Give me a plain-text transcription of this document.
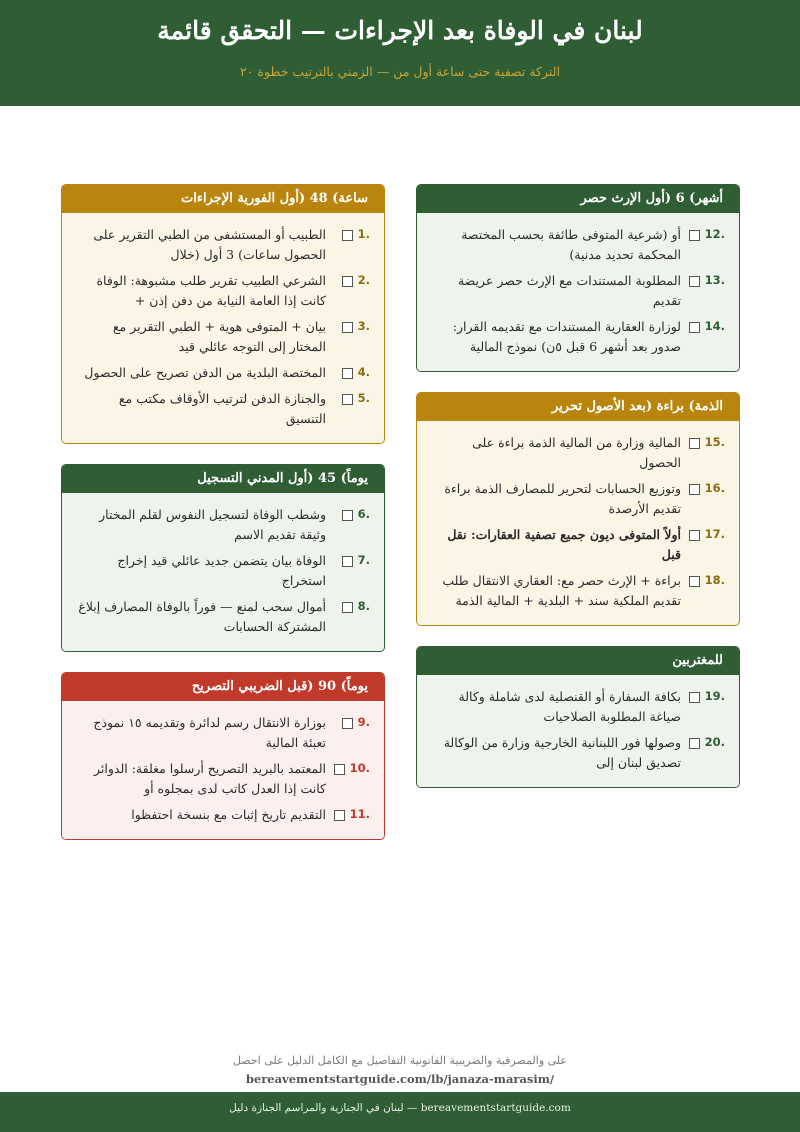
لبنان في الوفاة بعد الإجراءات — التحقق قائمة
التركة تصفية حتى ساعة أول من — الزمني بالترتيب خطوة ٢٠
أشهر) 6 (أول الإرث حصر
أو (شرعية المتوفى طائفة بحسب المختصة المحكمة تحديد مدنية)
12.
المطلوبة المستندات مع الإرث حصر عريضة تقديم
13.
لوزارة العقارية المستندات مع تقديمه القرار: صدور بعد أشهر 6 قبل ٥ن) نموذج المالية
14.
الذمة) براءة (بعد الأصول تحرير
المالية وزارة من المالية الذمة براءة على الحصول
15.
وتوزيع الحسابات لتحرير للمصارف الذمة براءة تقديم الأرصدة
16.
أولاً المتوفى ديون جميع تصفية العقارات: نقل قبل
17.
براءة + الإرث حصر مع: العقاري الانتقال طلب تقديم الملكية سند + البلدية + المالية الذمة
18.
للمغتربين
بكافة السفارة أو القنصلية لدى شاملة وكالة صياغة المطلوبة الصلاحيات
19.
وصولها فور اللبنانية الخارجية وزارة من الوكالة تصديق لبنان إلى
20.
ساعة) 48 (أول الفورية الإجراءات
الطبيب أو المستشفى من الطبي التقرير على الحصول ساعات) 3 أول (خلال
1.
الشرعي الطبيب تقرير طلب مشبوهة: الوفاة كانت إذا العامة النيابة من دفن إذن +
2.
بيان + المتوفى هوية + الطبي التقرير مع المختار إلى التوجه عائلي قيد
3.
المختصة البلدية من الدفن تصريح على الحصول	4.
والجنازة الدفن لترتيب الأوقاف مكتب مع التنسيق
5.
يوماً) 45 (أول المدني التسجيل
وشطب الوفاة لتسجيل النفوس لقلم المختار وثيقة تقديم الاسم
6.
الوفاة بيان يتضمن جديد عائلي قيد إخراج استخراج
7.
أموال سحب لمنع — فوراً بالوفاة المصارف إبلاغ المشتركة الحسابات
8.
يوماً) 90 (قبل الضريبي التصريح
بوزارة الانتقال رسم لدائرة وتقديمه ١٥ نموذج تعبئة المالية
9.
المعتمد بالبريد التصريح أرسلوا مغلقة: الدوائر كانت إذا العدل كاتب لدى بمجلوه أو
10.
التقديم تاريخ إثبات مع بنسخة احتفظوا 11.
على والمصرفية والضريبية القانونية التفاصيل مع الكامل الدليل على احصل
bereavementstartguide.com/lb/janaza-marasim/
لبنان في الجنازية والمراسم الجنازة دليل — bereavementstartguide.com
